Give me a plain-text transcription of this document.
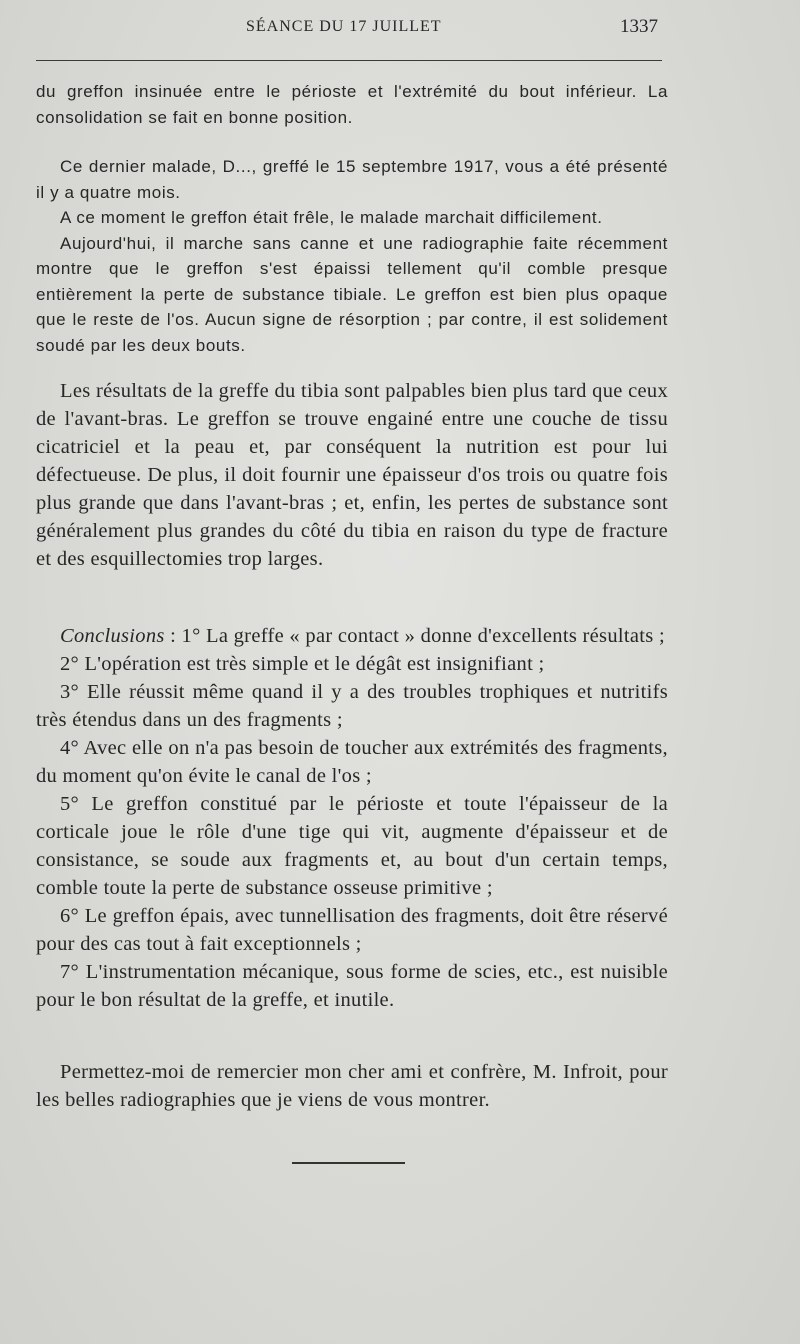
SÉANCE DU 17 JUILLET	1337

du greffon insinuée entre le périoste et l'extrémité du bout inférieur. La consolidation se fait en bonne position.

Ce dernier malade, D..., greffé le 15 septembre 1917, vous a été présenté il y a quatre mois.

A ce moment le greffon était frêle, le malade marchait difficilement.

Aujourd'hui, il marche sans canne et une radiographie faite récemment montre que le greffon s'est épaissi tellement qu'il comble presque entièrement la perte de substance tibiale. Le greffon est bien plus opaque que le reste de l'os. Aucun signe de résorption ; par contre, il est solidement soudé par les deux bouts.

Les résultats de la greffe du tibia sont palpables bien plus tard que ceux de l'avant-bras. Le greffon se trouve engainé entre une couche de tissu cicatriciel et la peau et, par conséquent la nutrition est pour lui défectueuse. De plus, il doit fournir une épaisseur d'os trois ou quatre fois plus grande que dans l'avant-bras ; et, enfin, les pertes de substance sont généralement plus grandes du côté du tibia en raison du type de fracture et des esquillectomies trop larges.

Conclusions : 1° La greffe « par contact » donne d'excellents résultats ;

2° L'opération est très simple et le dégât est insignifiant ;

3° Elle réussit même quand il y a des troubles trophiques et nutritifs très étendus dans un des fragments ;

4° Avec elle on n'a pas besoin de toucher aux extrémités des fragments, du moment qu'on évite le canal de l'os ;

5° Le greffon constitué par le périoste et toute l'épaisseur de la corticale joue le rôle d'une tige qui vit, augmente d'épaisseur et de consistance, se soude aux fragments et, au bout d'un certain temps, comble toute la perte de substance osseuse primitive ;

6° Le greffon épais, avec tunnellisation des fragments, doit être réservé pour des cas tout à fait exceptionnels ;

7° L'instrumentation mécanique, sous forme de scies, etc., est nuisible pour le bon résultat de la greffe, et inutile.

Permettez-moi de remercier mon cher ami et confrère, M. Infroit, pour les belles radiographies que je viens de vous montrer.
